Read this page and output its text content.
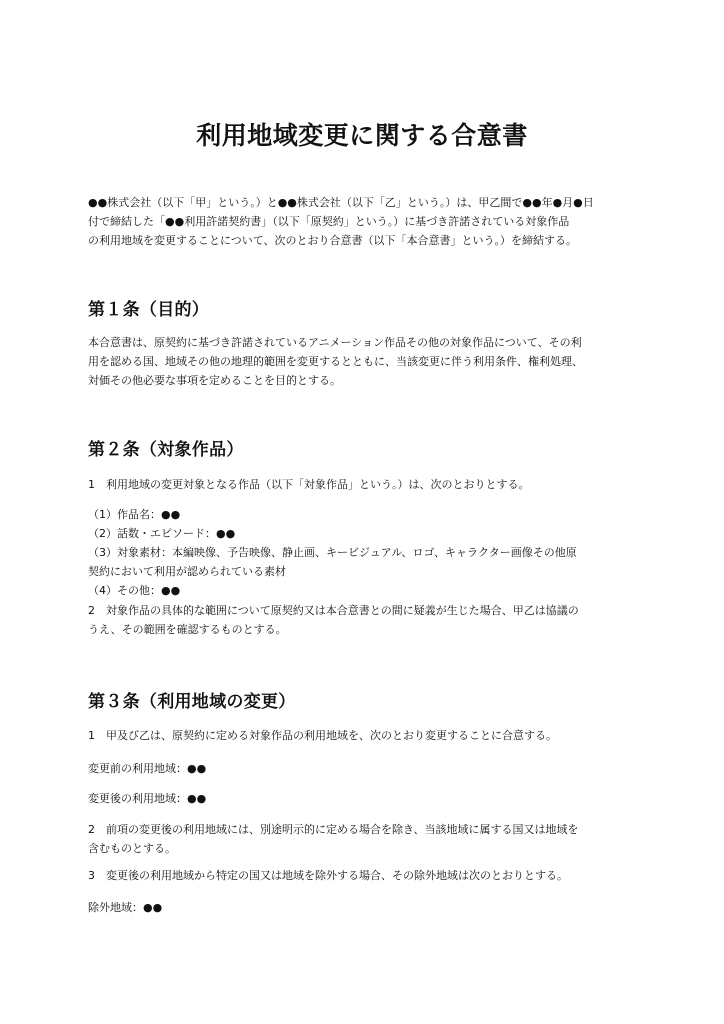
利用地域変更に関する合意書
●●株式会社（以下「甲」という。）と●●株式会社（以下「乙」という。）は、甲乙間で●●年●月●日
付で締結した「●●利用許諾契約書」（以下「原契約」という。）に基づき許諾されている対象作品
の利用地域を変更することについて、次のとおり合意書（以下「本合意書」という。）を締結する。
第１条（目的）
本合意書は、原契約に基づき許諾されているアニメーション作品その他の対象作品について、その利
用を認める国、地域その他の地理的範囲を変更するとともに、当該変更に伴う利用条件、権利処理、
対価その他必要な事項を定めることを目的とする。
第２条（対象作品）

1　利用地域の変更対象となる作品（以下「対象作品」という。）は、次のとおりとする。

（1）作品名：●●
（2）話数・エピソード：●●
（3）対象素材：本編映像、予告映像、静止画、キービジュアル、ロゴ、キャラクター画像その他原
契約において利用が認められている素材
（4）その他：●●
2　対象作品の具体的な範囲について原契約又は本合意書との間に疑義が生じた場合、甲乙は協議の
うえ、その範囲を確認するものとする。
第３条（利用地域の変更）

1　甲及び乙は、原契約に定める対象作品の利用地域を、次のとおり変更することに合意する。

変更前の利用地域：●●

変更後の利用地域：●●

2　前項の変更後の利用地域には、別途明示的に定める場合を除き、当該地域に属する国又は地域を
含むものとする。

3　変更後の利用地域から特定の国又は地域を除外する場合、その除外地域は次のとおりとする。

除外地域：●●
